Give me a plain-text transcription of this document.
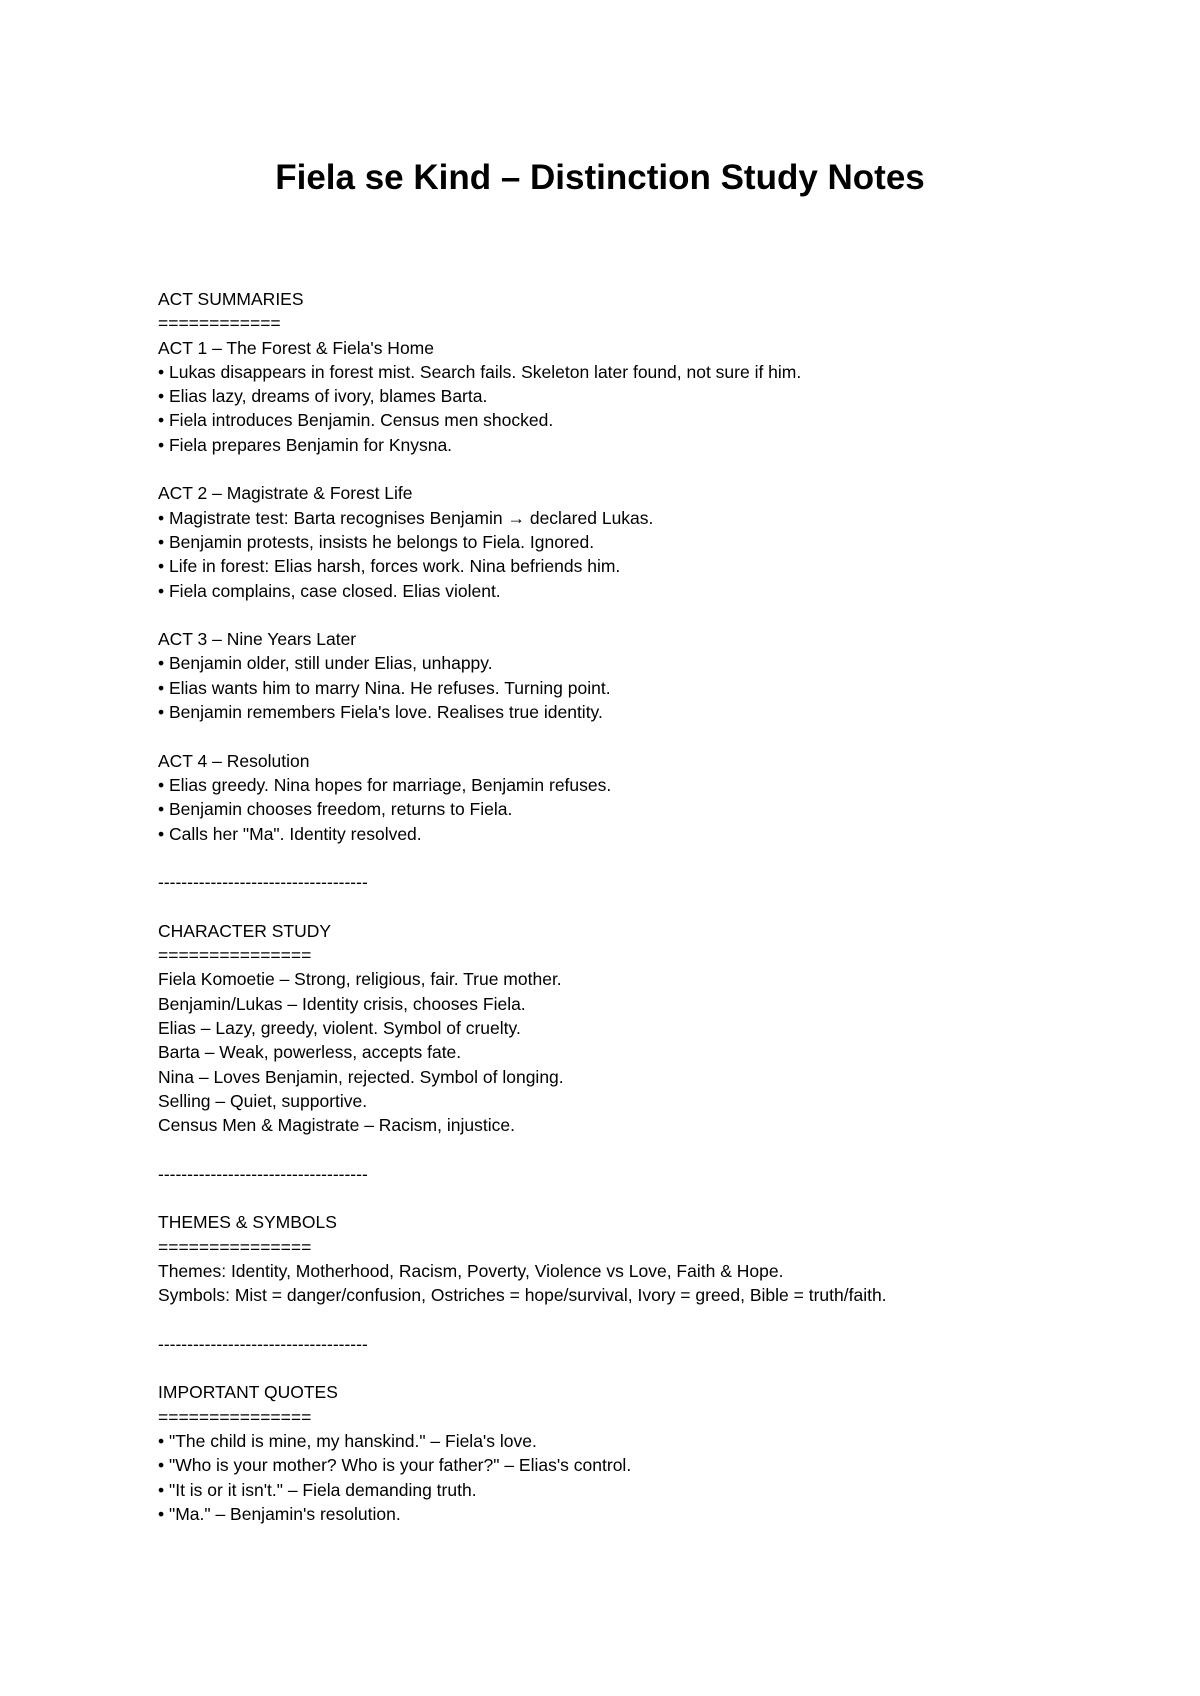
Fiela se Kind – Distinction Study Notes
ACT SUMMARIES
============
ACT 1 – The Forest & Fiela's Home
• Lukas disappears in forest mist. Search fails. Skeleton later found, not sure if him.
• Elias lazy, dreams of ivory, blames Barta.
• Fiela introduces Benjamin. Census men shocked.
• Fiela prepares Benjamin for Knysna.
ACT 2 – Magistrate & Forest Life
• Magistrate test: Barta recognises Benjamin → declared Lukas.
• Benjamin protests, insists he belongs to Fiela. Ignored.
• Life in forest: Elias harsh, forces work. Nina befriends him.
• Fiela complains, case closed. Elias violent.
ACT 3 – Nine Years Later
• Benjamin older, still under Elias, unhappy.
• Elias wants him to marry Nina. He refuses. Turning point.
• Benjamin remembers Fiela's love. Realises true identity.
ACT 4 – Resolution
• Elias greedy. Nina hopes for marriage, Benjamin refuses.
• Benjamin chooses freedom, returns to Fiela.
• Calls her "Ma". Identity resolved.
------------------------------------
CHARACTER STUDY
===============
Fiela Komoetie – Strong, religious, fair. True mother.
Benjamin/Lukas – Identity crisis, chooses Fiela.
Elias – Lazy, greedy, violent. Symbol of cruelty.
Barta – Weak, powerless, accepts fate.
Nina – Loves Benjamin, rejected. Symbol of longing.
Selling – Quiet, supportive.
Census Men & Magistrate – Racism, injustice.
------------------------------------
THEMES & SYMBOLS
===============
Themes: Identity, Motherhood, Racism, Poverty, Violence vs Love, Faith & Hope.
Symbols: Mist = danger/confusion, Ostriches = hope/survival, Ivory = greed, Bible = truth/faith.
------------------------------------
IMPORTANT QUOTES
===============
• "The child is mine, my hanskind." – Fiela's love.
• "Who is your mother? Who is your father?" – Elias's control.
• "It is or it isn't." – Fiela demanding truth.
• "Ma." – Benjamin's resolution.
